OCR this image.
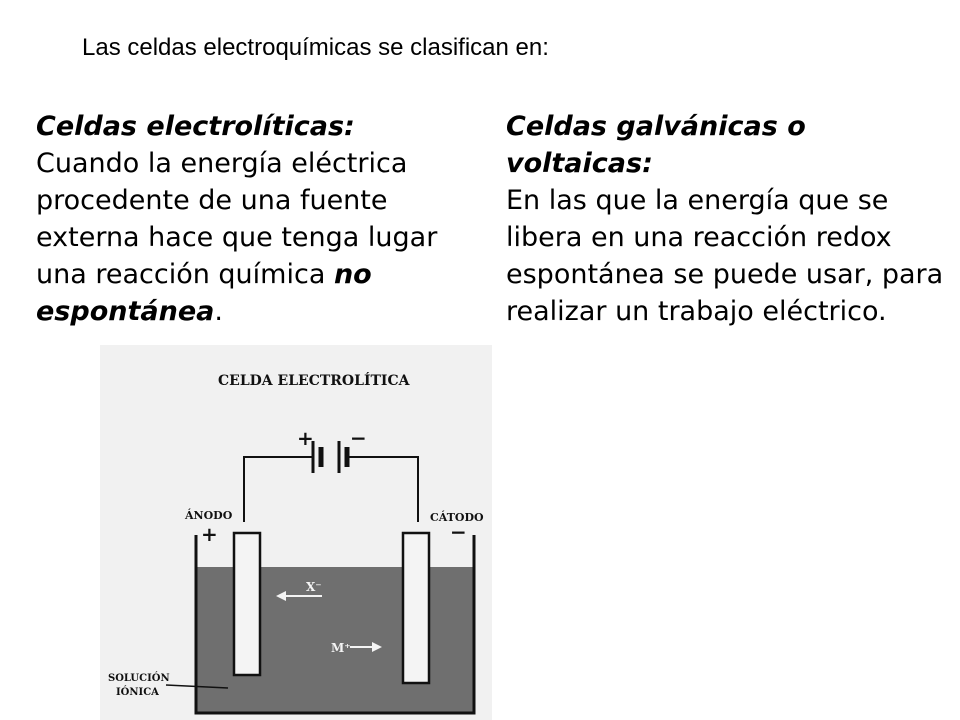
Las celdas electroquímicas se clasifican en:
Celdas electrolíticas:
Cuando la energía eléctrica procedente de una fuente externa hace que tenga lugar una reacción química no espontánea.
Celdas galvánicas o voltaicas:
En las que la energía que se libera en una reacción redox espontánea se puede usar, para realizar un trabajo eléctrico.
CELDA ELECTROLÍTICA
+ −
ÁNODO
+
CÁTODO
−
X⁻
M⁺
SOLUCIÓN
IÓNICA
